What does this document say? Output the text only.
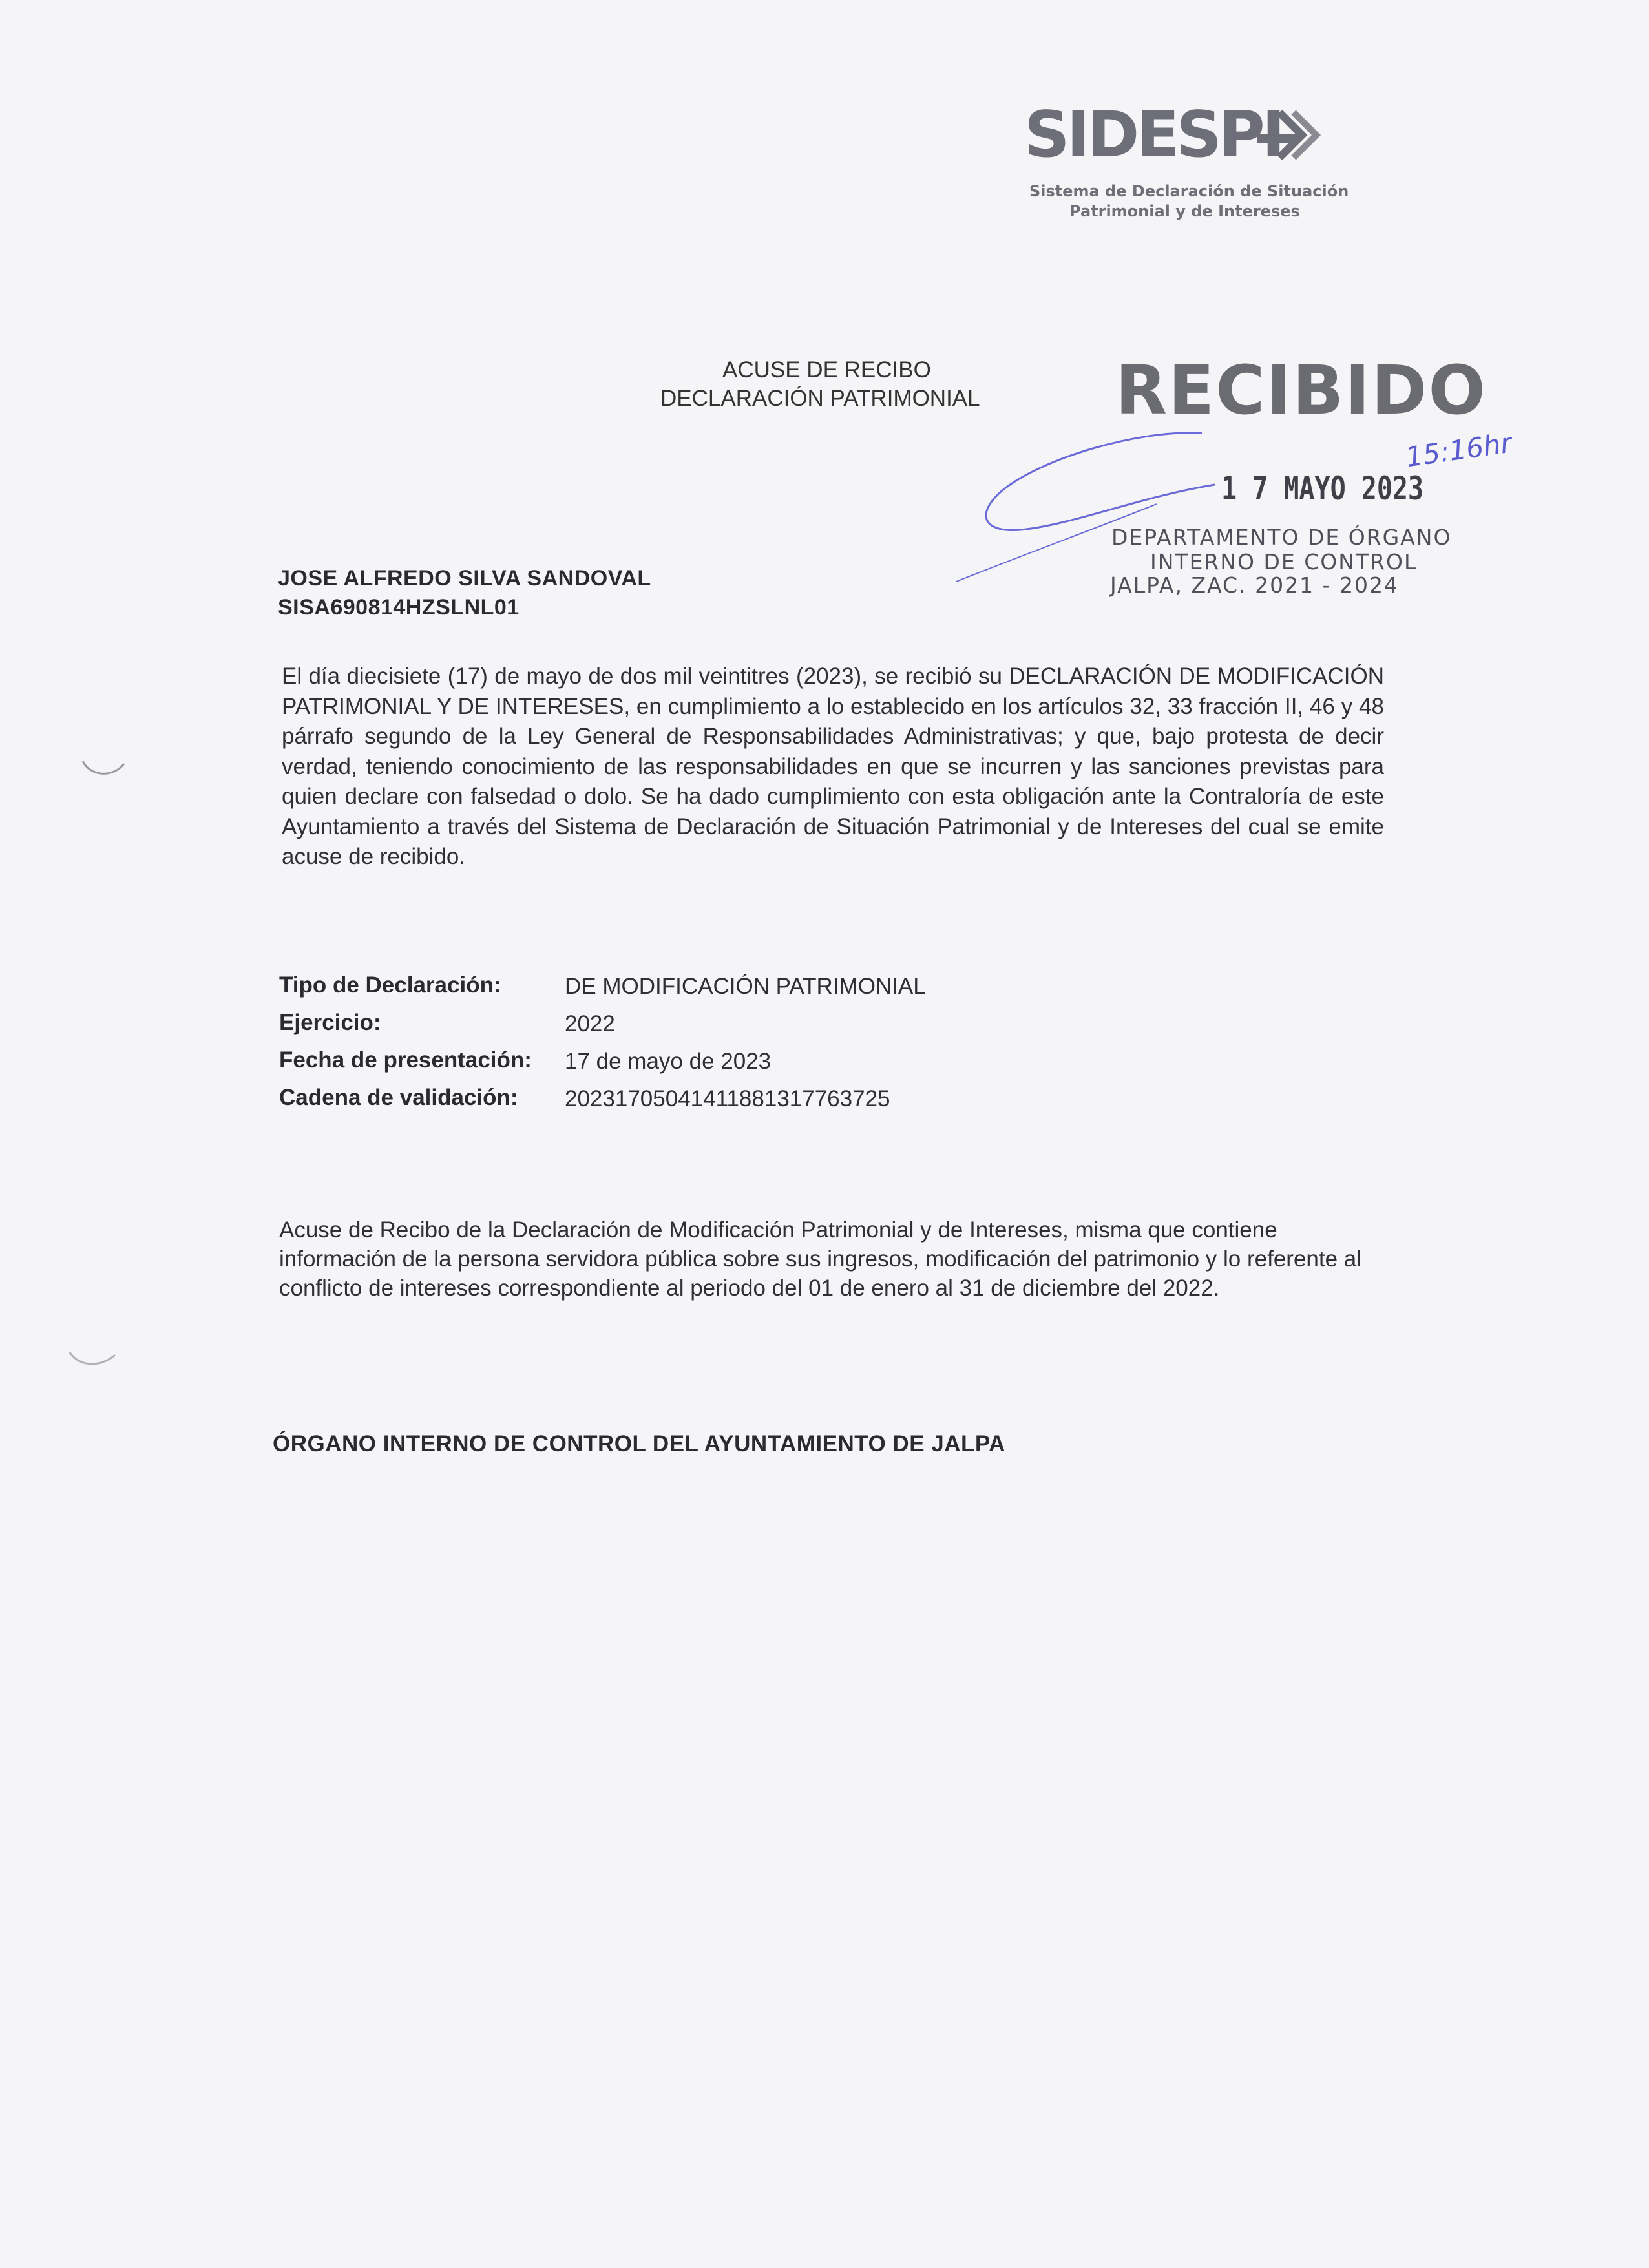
SIDESPI
Sistema de Declaración de Situación
Patrimonial y de Intereses
ACUSE DE RECIBO
DECLARACIÓN PATRIMONIAL RECIBIDO
15:16hr
1 7 MAYO 2023
DEPARTAMENTO DE ÓRGANO
INTERNO DE CONTROL
JALPA, ZAC. 2021 - 2024
JOSE ALFREDO SILVA SANDOVAL
SISA690814HZSLNL01

El día diecisiete (17) de mayo de dos mil veintitres (2023), se recibió su DECLARACIÓN DE MODIFICACIÓN PATRIMONIAL Y DE INTERESES, en cumplimiento a lo establecido en los artículos 32, 33 fracción II, 46 y 48 párrafo segundo de la Ley General de Responsabilidades Administrativas; y que, bajo protesta de decir verdad, teniendo conocimiento de las responsabilidades en que se incurren y las sanciones previstas para quien declare con falsedad o dolo. Se ha dado cumplimiento con esta obligación ante la Contraloría de este Ayuntamiento a través del Sistema de Declaración de Situación Patrimonial y de Intereses del cual se emite acuse de recibido.

Tipo de Declaración:	DE MODIFICACIÓN PATRIMONIAL
Ejercicio:	2022
Fecha de presentación: 17 de mayo de 2023
Cadena de validación: 20231705041411881317763725

Acuse de Recibo de la Declaración de Modificación Patrimonial y de Intereses, misma que contiene información de la persona servidora pública sobre sus ingresos, modificación del patrimonio y lo referente al conflicto de intereses correspondiente al periodo del 01 de enero al 31 de diciembre del 2022.

ÓRGANO INTERNO DE CONTROL DEL AYUNTAMIENTO DE JALPA
